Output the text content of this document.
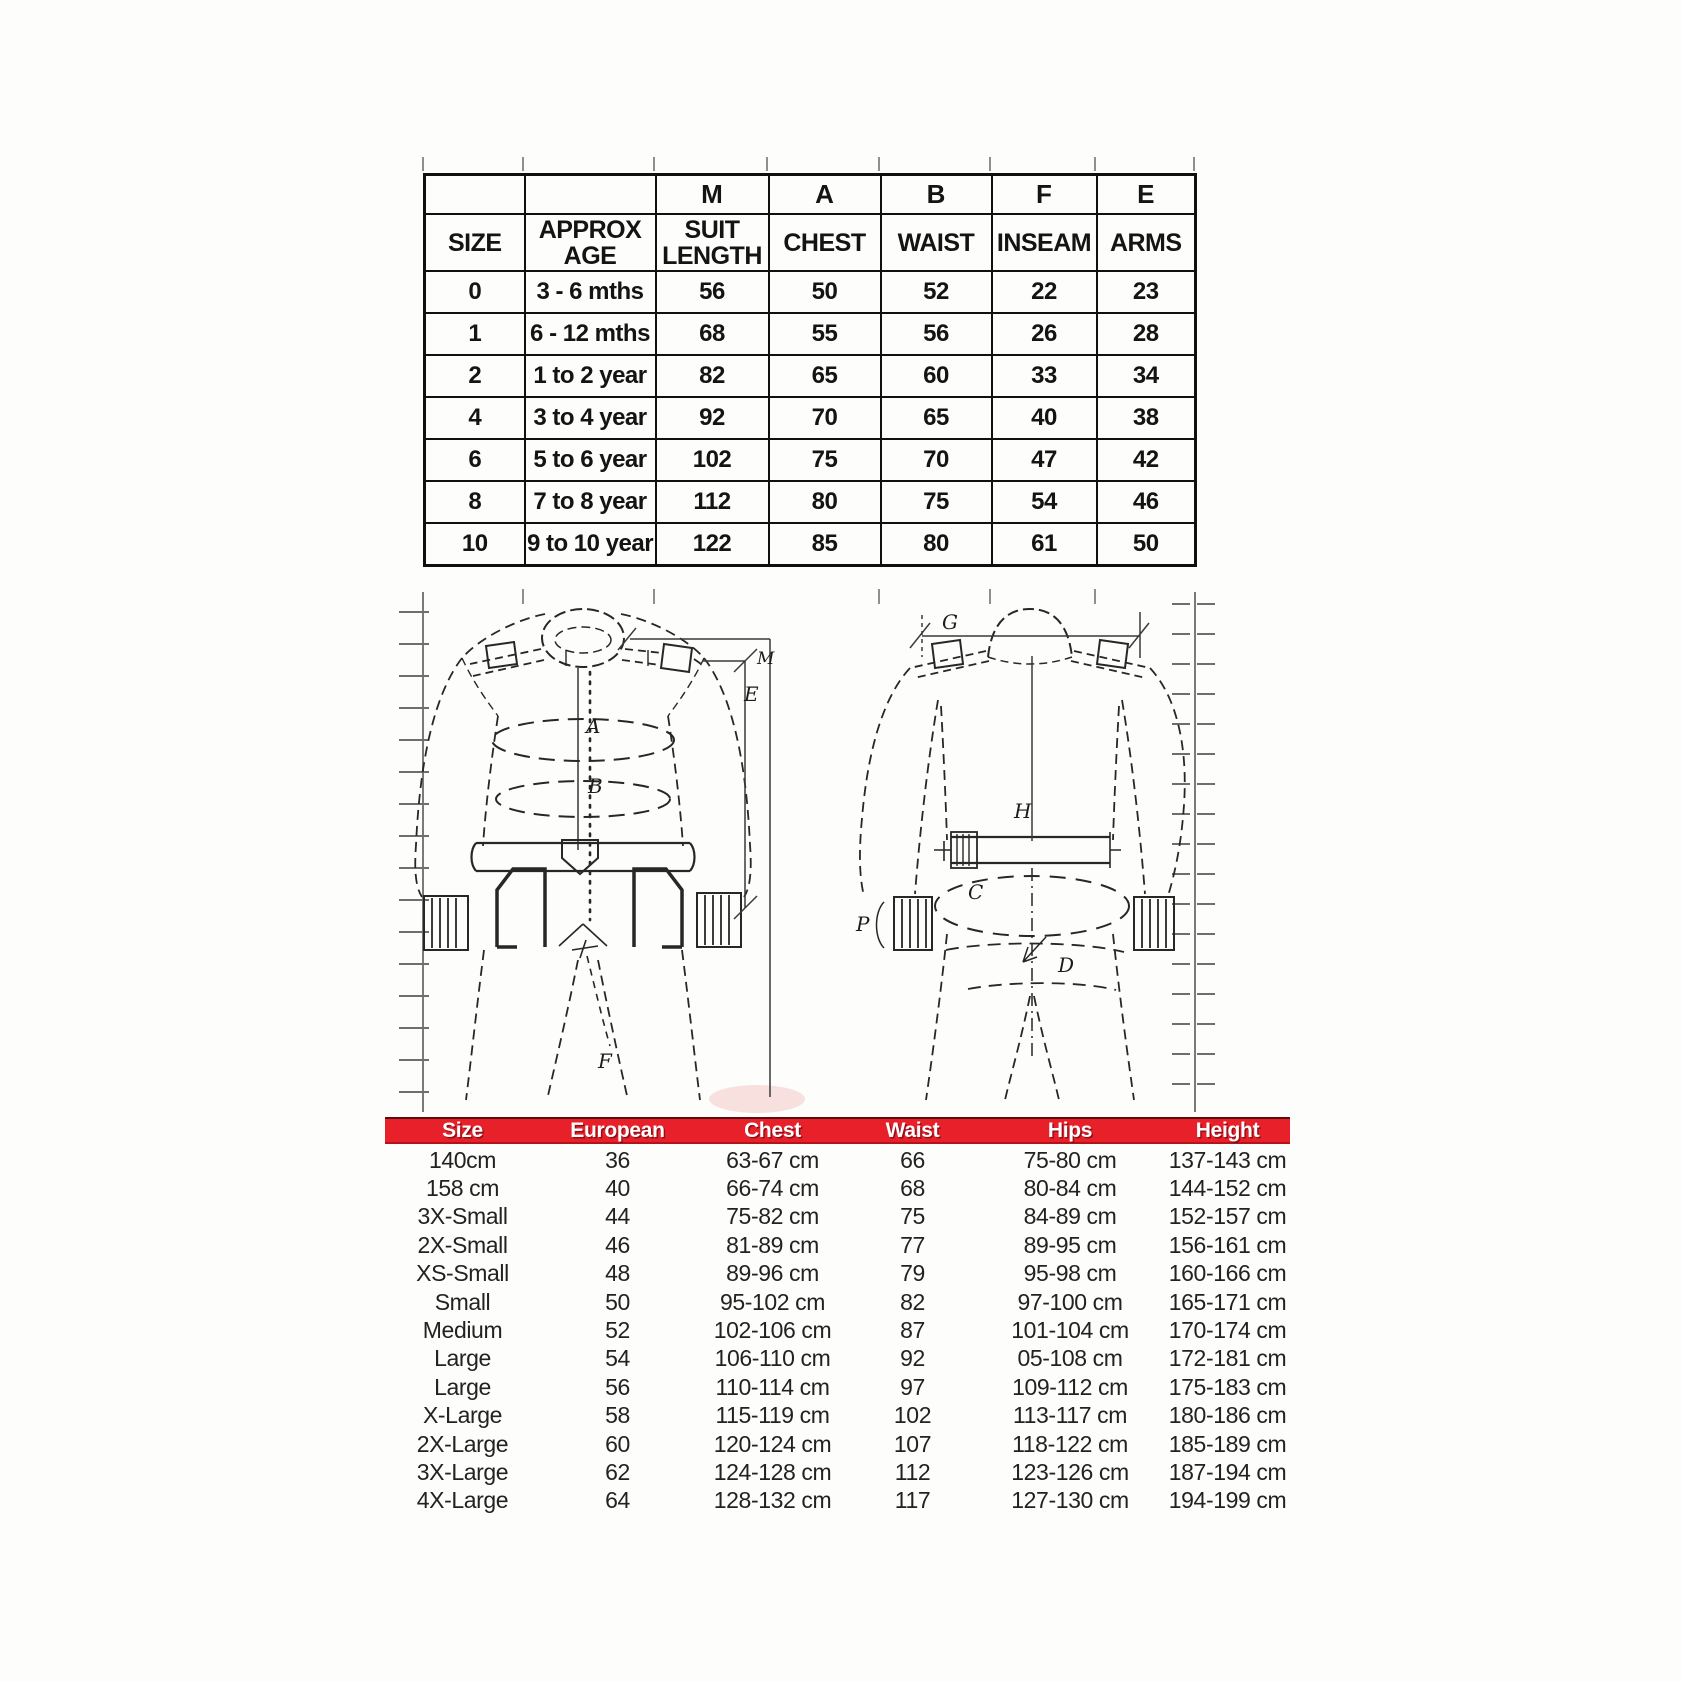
M
E
A
B
F
G
H
C
D
P
		M	A	B	F	E
SIZE	APPROX AGE	SUIT LENGTH	CHEST	WAIST	INSEAM	ARMS
0	3 - 6 mths	56	50	52	22	23
1	6 - 12 mths	68	55	56	26	28
2	1 to 2 year	82	65	60	33	34
4	3 to 4 year	92	70	65	40	38
6	5 to 6 year	102	75	70	47	42
8	7 to 8 year	112	80	75	54	46
10	9 to 10 year	122	85	80	61	50
Size	European	Chest	Waist	Hips	Height
140cm	36	63-67 cm	66	75-80 cm	137-143 cm
158 cm	40	66-74 cm	68	80-84 cm	144-152 cm
3X-Small	44	75-82 cm	75	84-89 cm	152-157 cm
2X-Small	46	81-89 cm	77	89-95 cm	156-161 cm
XS-Small	48	89-96 cm	79	95-98 cm	160-166 cm
Small	50	95-102 cm	82	97-100 cm	165-171 cm
Medium	52	102-106 cm	87	101-104 cm	170-174 cm
Large	54	106-110 cm	92	05-108 cm	172-181 cm
Large	56	110-114 cm	97	109-112 cm	175-183 cm
X-Large	58	115-119 cm	102	113-117 cm	180-186 cm
2X-Large	60	120-124 cm	107	118-122 cm	185-189 cm
3X-Large	62	124-128 cm	112	123-126 cm	187-194 cm
4X-Large	64	128-132 cm	117	127-130 cm	194-199 cm
